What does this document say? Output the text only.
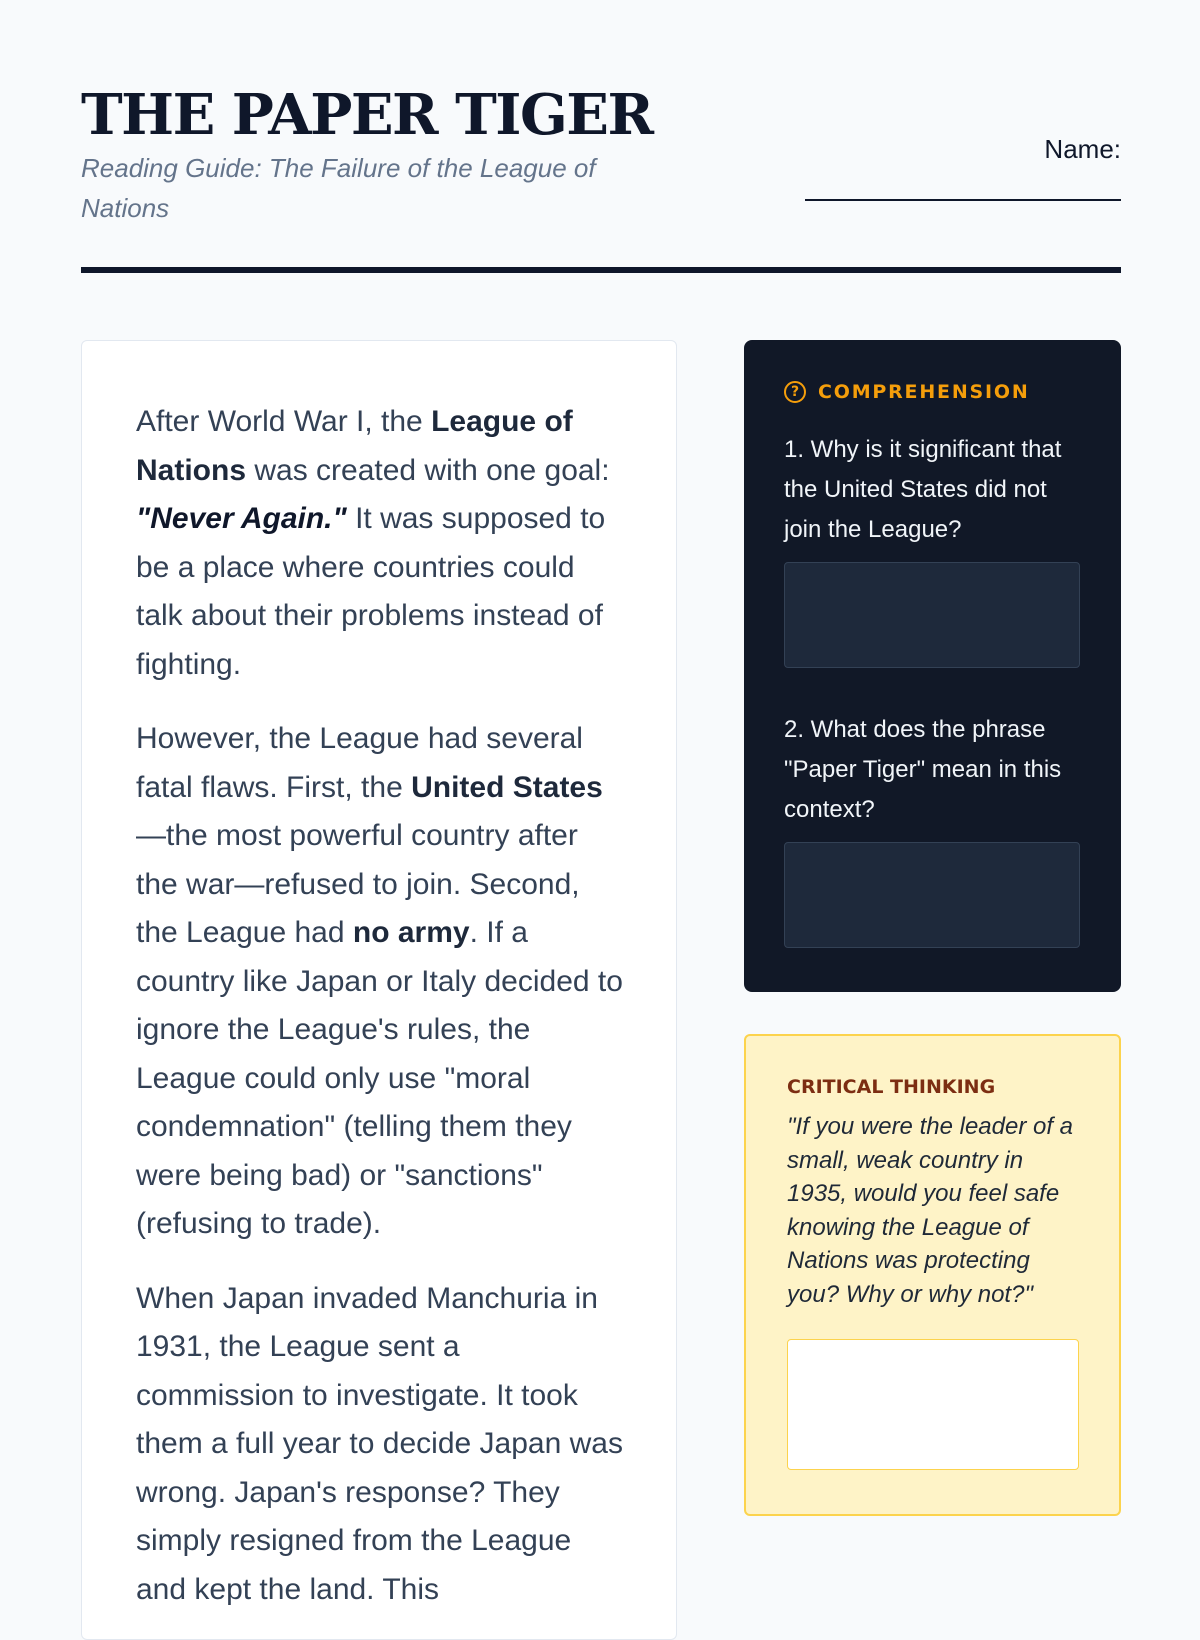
THE PAPER TIGER

Reading Guide: The Failure of the League of Nations

Name:

After World War I, the League of Nations was created with one goal: "Never Again." It was supposed to be a place where countries could talk about their problems instead of fighting.

However, the League had several fatal flaws. First, the United States—the most powerful country after the war—refused to join. Second, the League had no army. If a country like Japan or Italy decided to ignore the League's rules, the League could only use "moral condemnation" (telling them they were being bad) or "sanctions" (refusing to trade).

When Japan invaded Manchuria in 1931, the League sent a commission to investigate. It took them a full year to decide Japan was wrong. Japan's response? They simply resigned from the League and kept the land. This

? COMPREHENSION

1. Why is it significant that the United States did not join the League?

2. What does the phrase "Paper Tiger" mean in this context?

CRITICAL THINKING

"If you were the leader of a small, weak country in 1935, would you feel safe knowing the League of Nations was protecting you? Why or why not?"
